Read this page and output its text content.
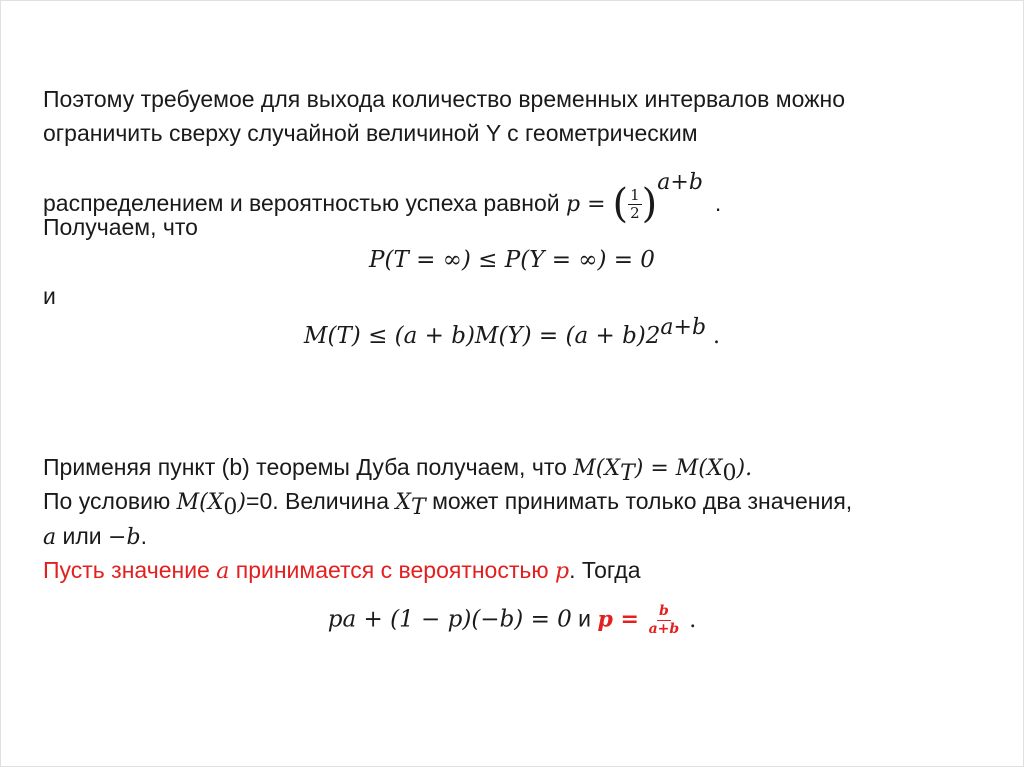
Поэтому требуемое для выхода количество временных интервалов можно
ограничить сверху случайной величиной Y с геометрическим
распределением и вероятностью успеха равной p = ( $\frac{1}{2} )^{a+b}$.
Получаем, что
P(T = ∞) ≤ P(Y = ∞) = 0
и
$M(T) \le (a + b)M(Y) = (a + b)2^{a+b}$ .
Применяя пункт (b) теоремы Дуба получаем, что $M(X_T) = M(X_0)$.
По условию $M(X_0)=0$. Величина $X_T$ может принимать только два значения,
a или −b.
Пусть значение a принимается с вероятностью p. Тогда
pa + (1 − p)(−b) = 0 и $p = \frac{b}{a+b}$ .
